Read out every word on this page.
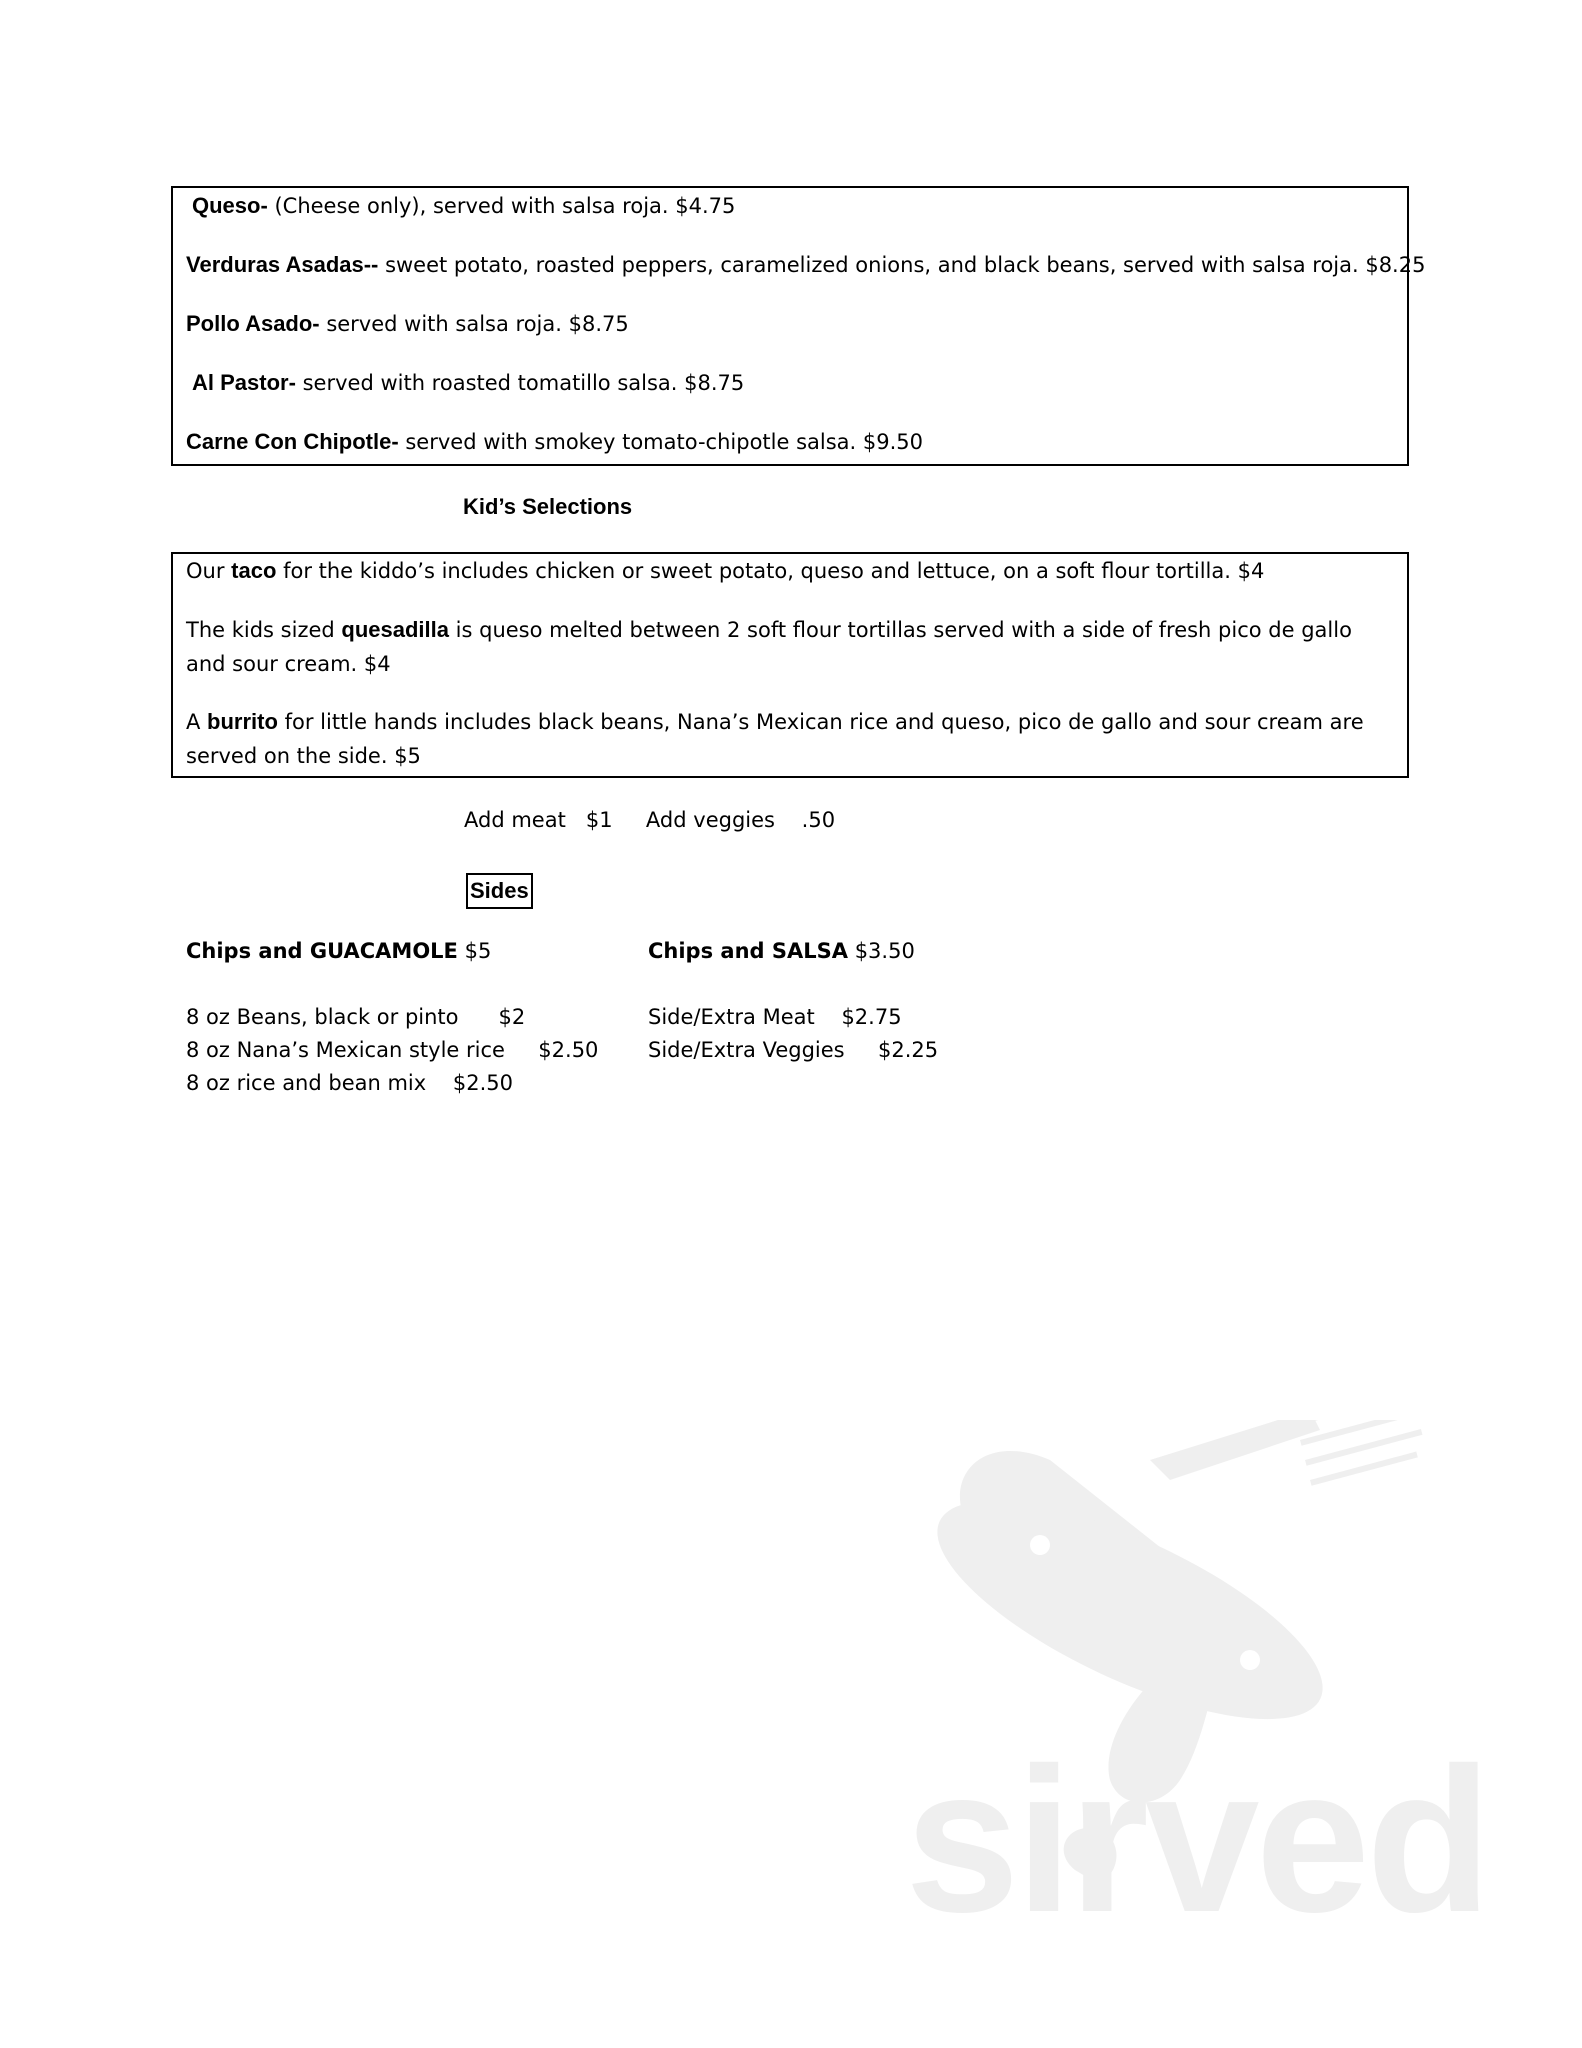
Queso- (Cheese only), served with salsa roja. $4.75
Verduras Asadas-- sweet potato, roasted peppers, caramelized onions, and black beans, served with salsa roja. $8.25
Pollo Asado- served with salsa roja. $8.75
Al Pastor- served with roasted tomatillo salsa. $8.75
Carne Con Chipotle- served with smokey tomato-chipotle salsa. $9.50
Kid’s Selections
Our taco for the kiddo’s includes chicken or sweet potato, queso and lettuce, on a soft flour tortilla. $4
The kids sized quesadilla is queso melted between 2 soft flour tortillas served with a side of fresh pico de gallo and sour cream. $4
A burrito for little hands includes black beans, Nana’s Mexican rice and queso, pico de gallo and sour cream are served on the side. $5
Add meat   $1     Add veggies    .50
Sides
Chips and GUACAMOLE $5	Chips and SALSA $3.50
8 oz Beans, black or pinto      $2
8 oz Nana’s Mexican style rice     $2.50
8 oz rice and bean mix    $2.50
Side/Extra Meat    $2.75
Side/Extra Veggies     $2.25
sirved
